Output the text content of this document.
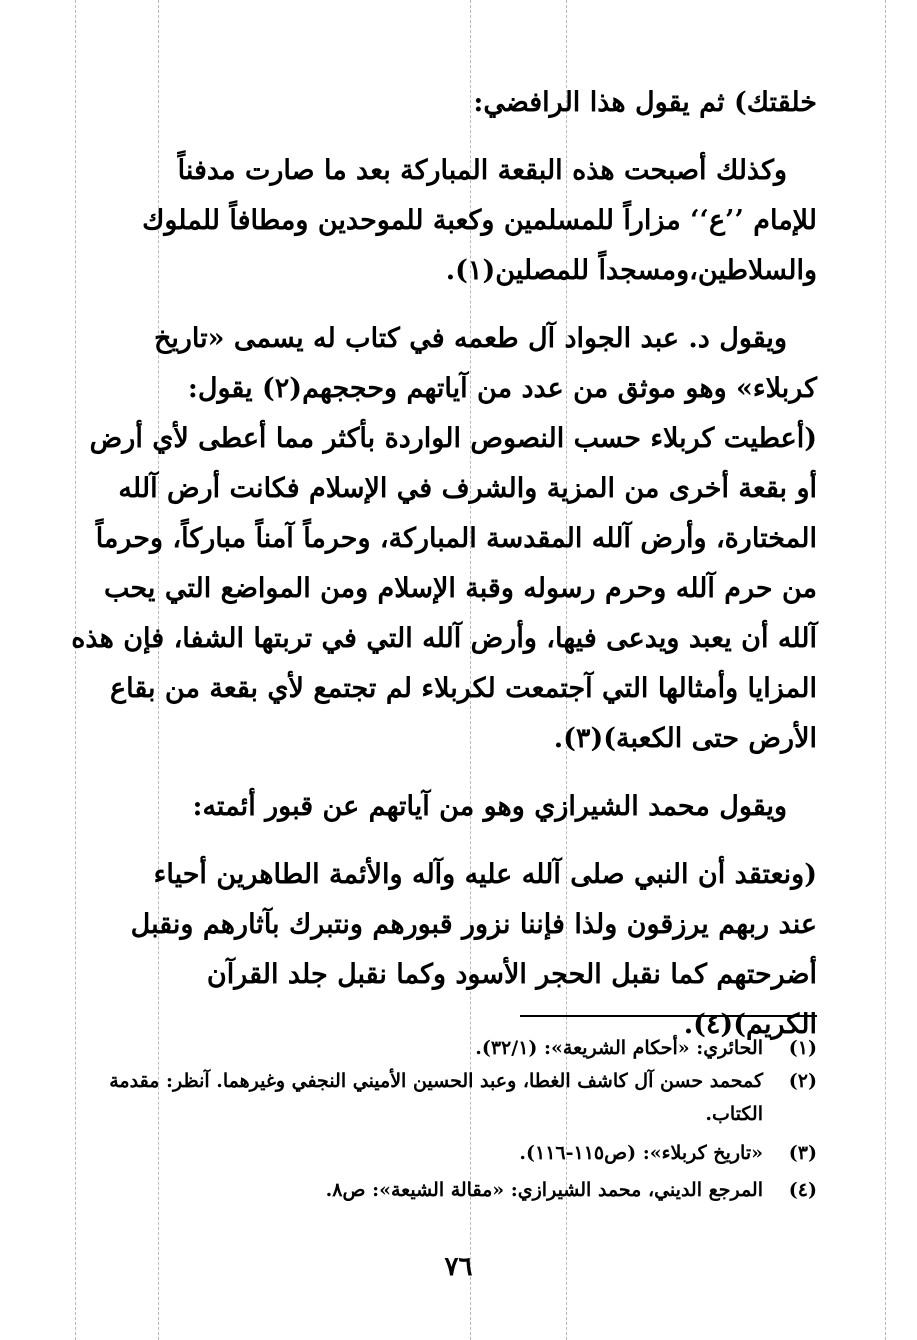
خلقتك) ثم يقول هذا الرافضي:
وكذلك أصبحت هذه البقعة المباركة بعد ما صارت مدفناً
للإمام ’’ع‘‘ مزاراً للمسلمين وكعبة للموحدين ومطافاً للملوك
والسلاطين،ومسجداً للمصلين(١).
ويقول د. عبد الجواد آل طعمه في كتاب له يسمى «تاريخ
كربلاء» وهو موثق من عدد من آياتهم وحججهم(٢) يقول:
(أعطيت كربلاء حسب النصوص الواردة بأكثر مما أعطى لأي أرض
أو بقعة أخرى من المزية والشرف في الإسلام فكانت أرض آلله
المختارة، وأرض آلله المقدسة المباركة، وحرماً آمناً مباركاً، وحرماً
من حرم آلله وحرم رسوله وقبة الإسلام ومن المواضع التي يحب
آلله أن يعبد ويدعى فيها، وأرض آلله التي في تربتها الشفا، فإن هذه
المزايا وأمثالها التي آجتمعت لكربلاء لم تجتمع لأي بقعة من بقاع
الأرض حتى الكعبة)(٣).
ويقول محمد الشيرازي وهو من آياتهم عن قبور أئمته:
(ونعتقد أن النبي صلى آلله عليه وآله والأئمة الطاهرين أحياء
عند ربهم يرزقون ولذا فإننا نزور قبورهم ونتبرك بآثارهم ونقبل
أضرحتهم كما نقبل الحجر الأسود وكما نقبل جلد القرآن
الكريم)(٤).
(١)
الحائري: «أحكام الشريعة»: (٣٢/١).
(٢)
كمحمد حسن آل كاشف الغطا، وعبد الحسين الأميني النجفي وغيرهما. آنظر: مقدمة الكتاب.
(٣)
«تاريخ كربلاء»: (ص١١٥-١١٦).
(٤)
المرجع الديني، محمد الشيرازي: «مقالة الشيعة»: ص٨.
٧٦
